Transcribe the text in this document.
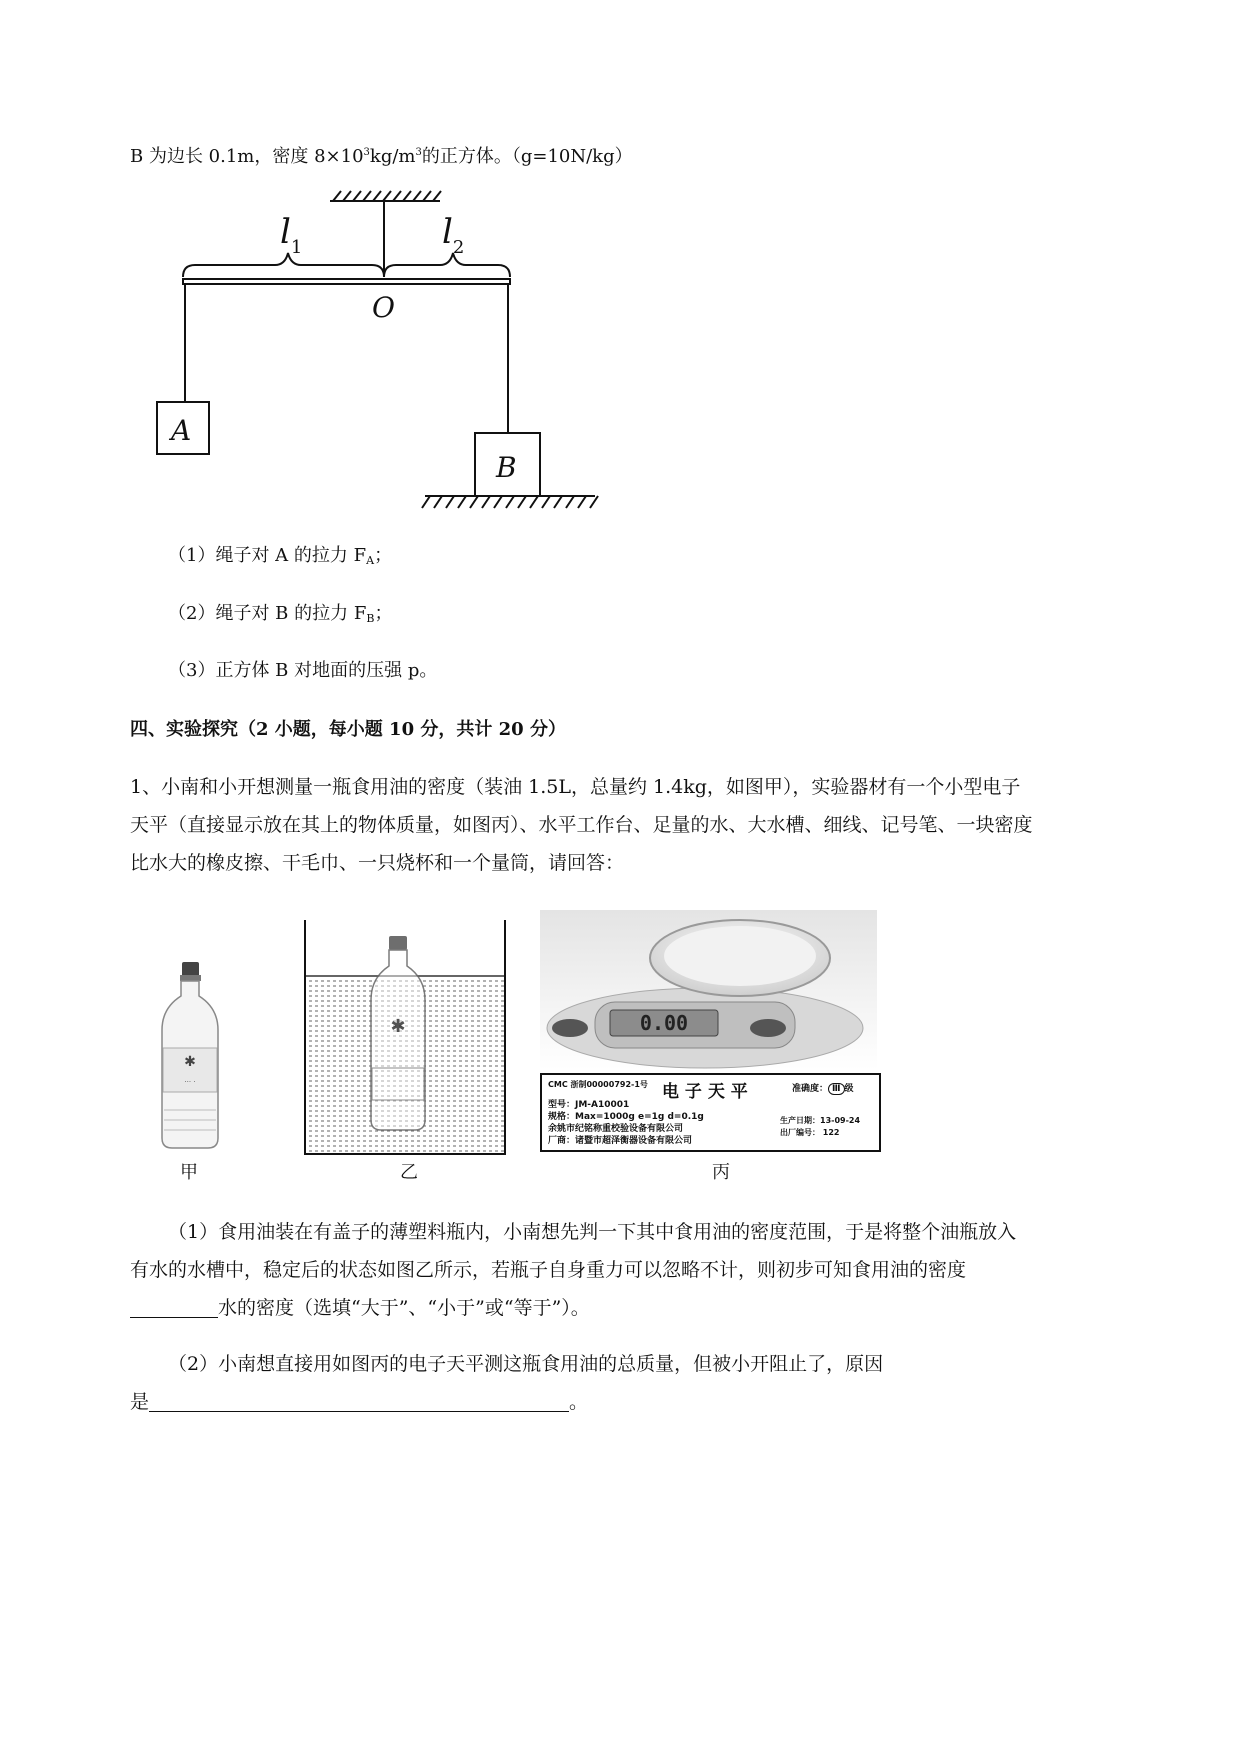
B 为边长 0.1m，密度 $8\times 10^3kg/m^3$的正方体。（g=10N/kg）
$l_1$	$l_2$
O
A
B
（1）绳子对 A 的拉力 $F_A$；
（2）绳子对 B 的拉力 $F_B$；
（3）正方体 B 对地面的压强 p。
四、实验探究（2 小题，每小题 10 分，共计 20 分）
1、小南和小开想测量一瓶食用油的密度（装油 1.5L，总量约 1.4kg，如图甲），实验器材有一个小型电子天平（直接显示放在其上的物体质量，如图丙）、水平工作台、足量的水、大水槽、细线、记号笔、一块密度比水大的橡皮擦、干毛巾、一只烧杯和一个量筒，请回答：
✱
··· ·
甲
✱
乙
0.00
CMC 浙制00000792-1号 电 子 天 平	准确度： Ⅲ 级
型号：JM-A10001
规格：Max=1000g e=1g d=0.1g
余姚市纪铭称重校验设备有限公司
厂商：诸暨市超泽衡器设备有限公司
生产日期：13-09-24
出厂编号： 122
丙
（1）食用油装在有盖子的薄塑料瓶内，小南想先判一下其中食用油的密度范围，于是将整个油瓶放入有水的水槽中，稳定后的状态如图乙所示，若瓶子自身重力可以忽略不计，则初步可知食用油的密度水的密度（选填“大于”、“小于”或“等于”）。
（2）小南想直接用如图丙的电子天平测这瓶食用油的总质量，但被小开阻止了，原因
是	。
